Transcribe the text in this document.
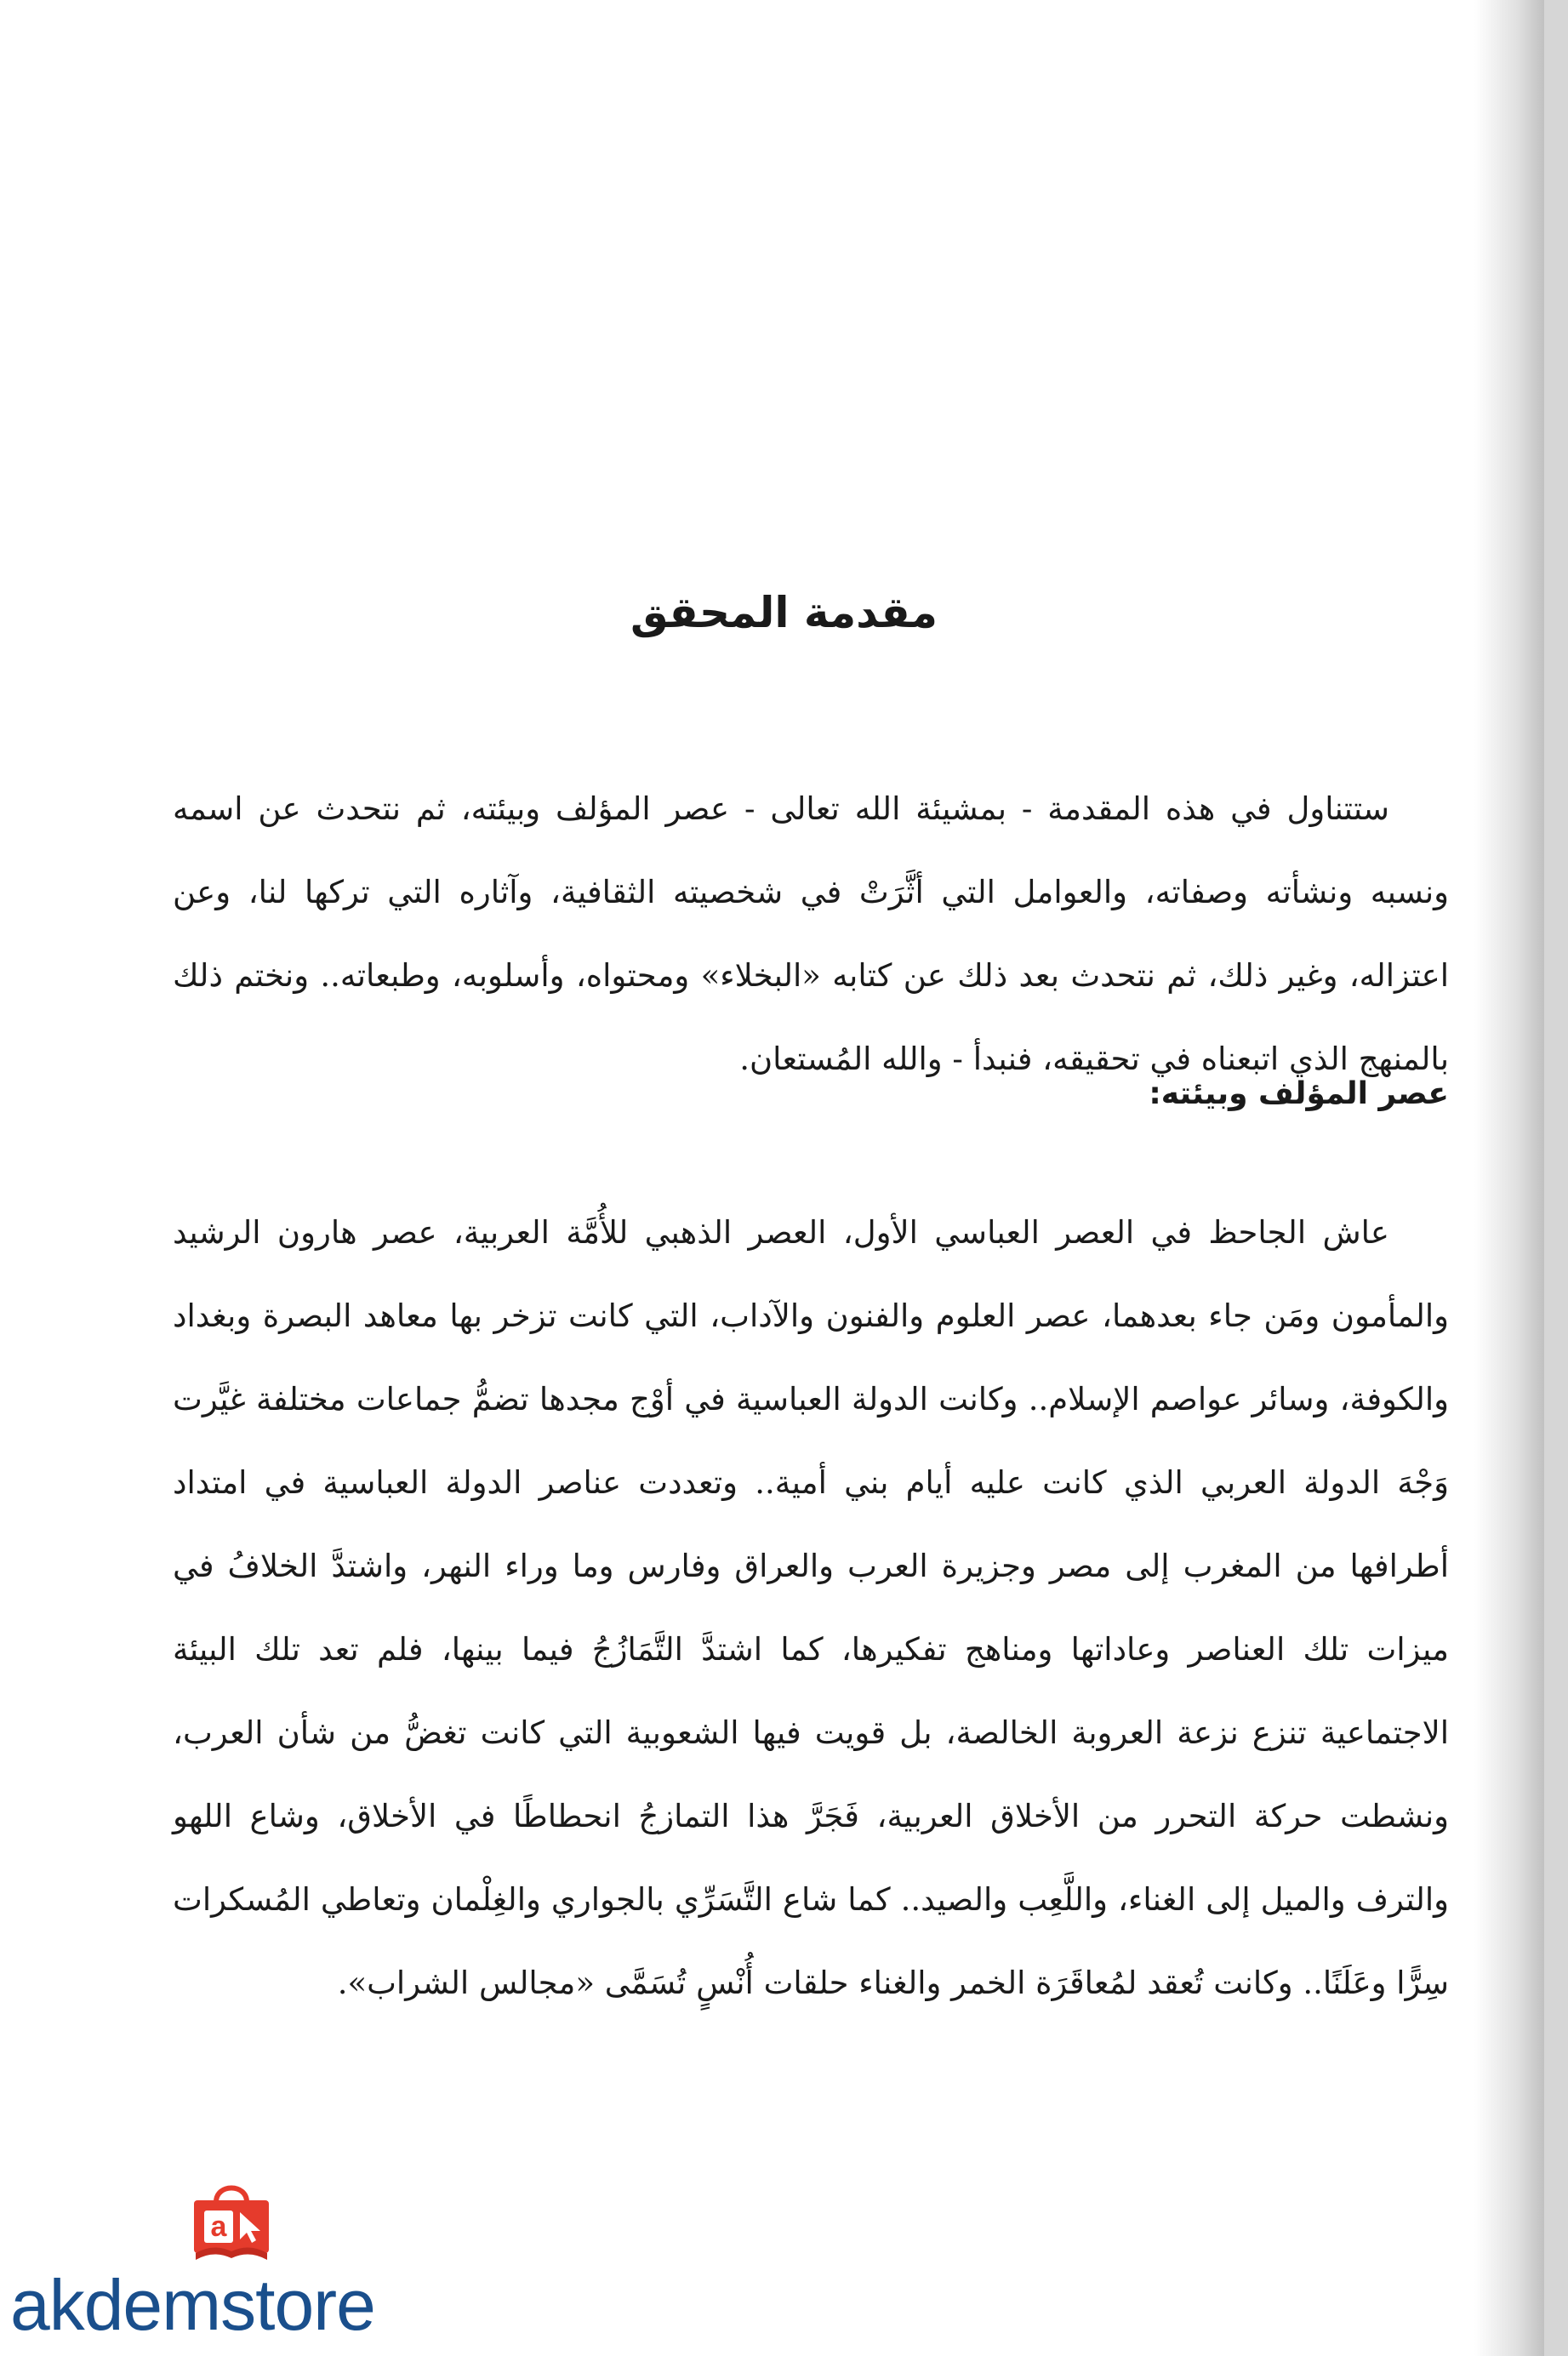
مقدمة المحقق

ستتناول في هذه المقدمة - بمشيئة الله تعالى - عصر المؤلف وبيئته، ثم نتحدث عن اسمه ونسبه ونشأته وصفاته، والعوامل التي أثَّرَتْ في شخصيته الثقافية، وآثاره التي تركها لنا، وعن اعتزاله، وغير ذلك، ثم نتحدث بعد ذلك عن كتابه «البخلاء» ومحتواه، وأسلوبه، وطبعاته.. ونختم ذلك بالمنهج الذي اتبعناه في تحقيقه، فنبدأ - والله المُستعان.

عصر المؤلف وبيئته:

عاش الجاحظ في العصر العباسي الأول، العصر الذهبي للأُمَّة العربية، عصر هارون الرشيد والمأمون ومَن جاء بعدهما، عصر العلوم والفنون والآداب، التي كانت تزخر بها معاهد البصرة وبغداد والكوفة، وسائر عواصم الإسلام.. وكانت الدولة العباسية في أوْج مجدها تضمُّ جماعات مختلفة غيَّرت وَجْهَ الدولة العربي الذي كانت عليه أيام بني أمية.. وتعددت عناصر الدولة العباسية في امتداد أطرافها من المغرب إلى مصر وجزيرة العرب والعراق وفارس وما وراء النهر، واشتدَّ الخلافُ في ميزات تلك العناصر وعاداتها ومناهج تفكيرها، كما اشتدَّ التَّمَازُجُ فيما بينها، فلم تعد تلك البيئة الاجتماعية تنزع نزعة العروبة الخالصة، بل قويت فيها الشعوبية التي كانت تغضُّ من شأن العرب، ونشطت حركة التحرر من الأخلاق العربية، فَجَرَّ هذا التمازجُ انحطاطًا في الأخلاق، وشاع اللهو والترف والميل إلى الغناء، واللَّعِب والصيد.. كما شاع التَّسَرِّي بالجواري والغِلْمان وتعاطي المُسكرات سِرًّا وعَلَنًا.. وكانت تُعقد لمُعاقَرَة الخمر والغناء حلقات أُنْسٍ تُسَمَّى «مجالس الشراب».

a
akdemstore
